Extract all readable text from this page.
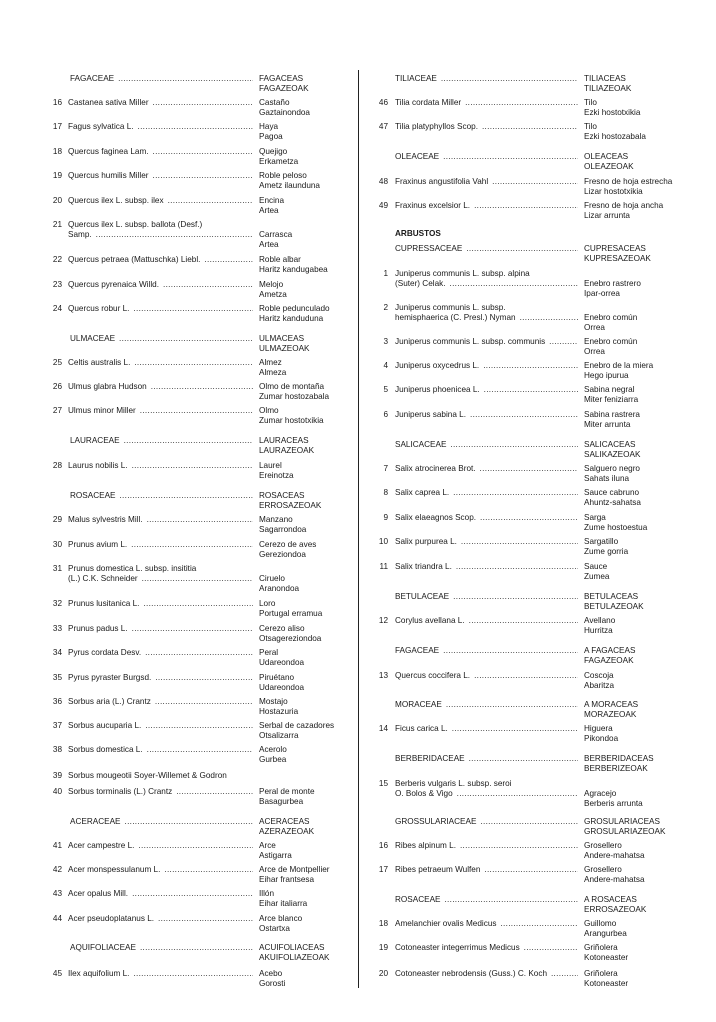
FAGACEAE .....	FAGACEAS
FAGAZEOAK
16 Castanea sativa Miller .....	Castaño
Gaztainondoa
17 Fagus sylvatica L. .....	Haya
Pagoa
18 Quercus faginea Lam. .....	Quejigo
Erkametza
19 Quercus humilis Miller .....	Roble peloso
Ametz ilaunduna
20 Quercus ilex L. subsp. ilex .....	Encina
Artea
21 Quercus ilex L. subsp. ballota (Desf.)
Samp. .....	Carrasca
Artea
22 Quercus petraea (Mattuschka) Liebl. .....	Roble albar
Haritz kandugabea
23 Quercus pyrenaica Willd. .....	Melojo
Ametza
24 Quercus robur L. .....	Roble pedunculado
Haritz kanduduna
ULMACEAE .....	ULMACEAS
ULMAZEOAK
25 Celtis australis L. .....	Almez
Almeza
26 Ulmus glabra Hudson .....	Olmo de montaña
Zumar hostozabala
27 Ulmus minor Miller .....	Olmo
Zumar hostotxikia
LAURACEAE .....	LAURACEAS
LAURAZEOAK
28 Laurus nobilis L. .....	Laurel
Ereinotza
ROSACEAE .....	ROSACEAS
ERROSAZEOAK
29 Malus sylvestris Mill. .....	Manzano
Sagarrondoa
30 Prunus avium L. .....	Cerezo de aves
Gereziondoa
31 Prunus domestica L. subsp. insititia
(L.) C.K. Schneider .....	Ciruelo
Aranondoa
32 Prunus lusitanica L. .....	Loro
Portugal erramua
33 Prunus padus L. .....	Cerezo aliso
Otsagereziondoa
34 Pyrus cordata Desv. .....	Peral
Udareondoa
35 Pyrus pyraster Burgsd. .....	Piruétano
Udareondoa
36 Sorbus aria (L.) Crantz .....	Mostajo
Hostazuria
37 Sorbus aucuparia L. .....	Serbal de cazadores
Otsalizarra
38 Sorbus domestica L. .....	Acerolo
Gurbea
39 Sorbus mougeotii Soyer-Willemet & Godron
40 Sorbus torminalis (L.) Crantz .....	Peral de monte
Basagurbea
ACERACEAE .....	ACERACEAS
AZERAZEOAK
41 Acer campestre L. .....	Arce
Astigarra
42 Acer monspessulanum L. .....	Arce de Montpellier
Eihar frantsesa
43 Acer opalus Mill. .....	Illón
Eihar italiarra
44 Acer pseudoplatanus L. .....	Arce blanco
Ostartxa
AQUIFOLIACEAE .....	ACUIFOLIACEAS
AKUIFOLIAZEOAK
45 Ilex aquifolium L. .....	Acebo
Gorosti
TILIACEAE .....	TILIACEAS
TILIAZEOAK
46 Tilia cordata Miller .....	Tilo
Ezki hostotxikia
47 Tilia platyphyllos Scop. .....	Tilo
Ezki hostozabala
OLEACEAE .....	OLEACEAS
OLEAZEOAK
48 Fraxinus angustifolia Vahl .....	Fresno de hoja estrecha
Lizar hostotxikia
49 Fraxinus excelsior L. .....	Fresno de hoja ancha
Lizar arrunta
ARBUSTOS
CUPRESSACEAE .....	CUPRESACEAS
KUPRESAZEOAK
1 Juniperus communis L. subsp. alpina
(Suter) Celak. .....	Enebro rastrero
Ipar-orrea
2 Juniperus communis L. subsp.
hemisphaerica (C. Presl.) Nyman .....	Enebro común
Orrea
3 Juniperus communis L. subsp. communis .....	Enebro común
Orrea
4 Juniperus oxycedrus L. .....	Enebro de la miera
Hego ipurua
5 Juniperus phoenicea L. .....	Sabina negral
Miter feniziarra
6 Juniperus sabina L. .....	Sabina rastrera
Miter arrunta
SALICACEAE .....	SALICACEAS
SALIKAZEOAK
7 Salix atrocinerea Brot. .....	Salguero negro
Sahats iluna
8 Salix caprea L. .....	Sauce cabruno
Ahuntz-sahatsa
9 Salix elaeagnos Scop. .....	Sarga
Zume hostoestua
10 Salix purpurea L. .....	Sargatillo
Zume gorria
11 Salix triandra L. .....	Sauce
Zumea
BETULACEAE .....	BETULACEAS
BETULAZEOAK
12 Corylus avellana L. .....	Avellano
Hurritza
FAGACEAE .....	A FAGACEAS
FAGAZEOAK
13 Quercus coccifera L. .....	Coscoja
Abaritza
MORACEAE .....	A MORACEAS
MORAZEOAK
14 Ficus carica L. .....	Higuera
Pikondoa
BERBERIDACEAE .....	BERBERIDACEAS
BERBERIZEOAK
15 Berberis vulgaris L. subsp. seroi
O. Bolos & Vigo .....	Agracejo
Berberis arrunta
GROSSULARIACEAE .....	GROSULARIACEAS
GROSULARIAZEOAK
16 Ribes alpinum L. .....	Grosellero
Andere-mahatsa
17 Ribes petraeum Wulfen .....	Grosellero
Andere-mahatsa
ROSACEAE .....	A ROSACEAS
ERROSAZEOAK
18 Amelanchier ovalis Medicus .....	Guillomo
Arangurbea
19 Cotoneaster integerrimus Medicus .....	Griñolera
Kotoneaster
20 Cotoneaster nebrodensis (Guss.) C. Koch .....	Griñolera
Kotoneaster
